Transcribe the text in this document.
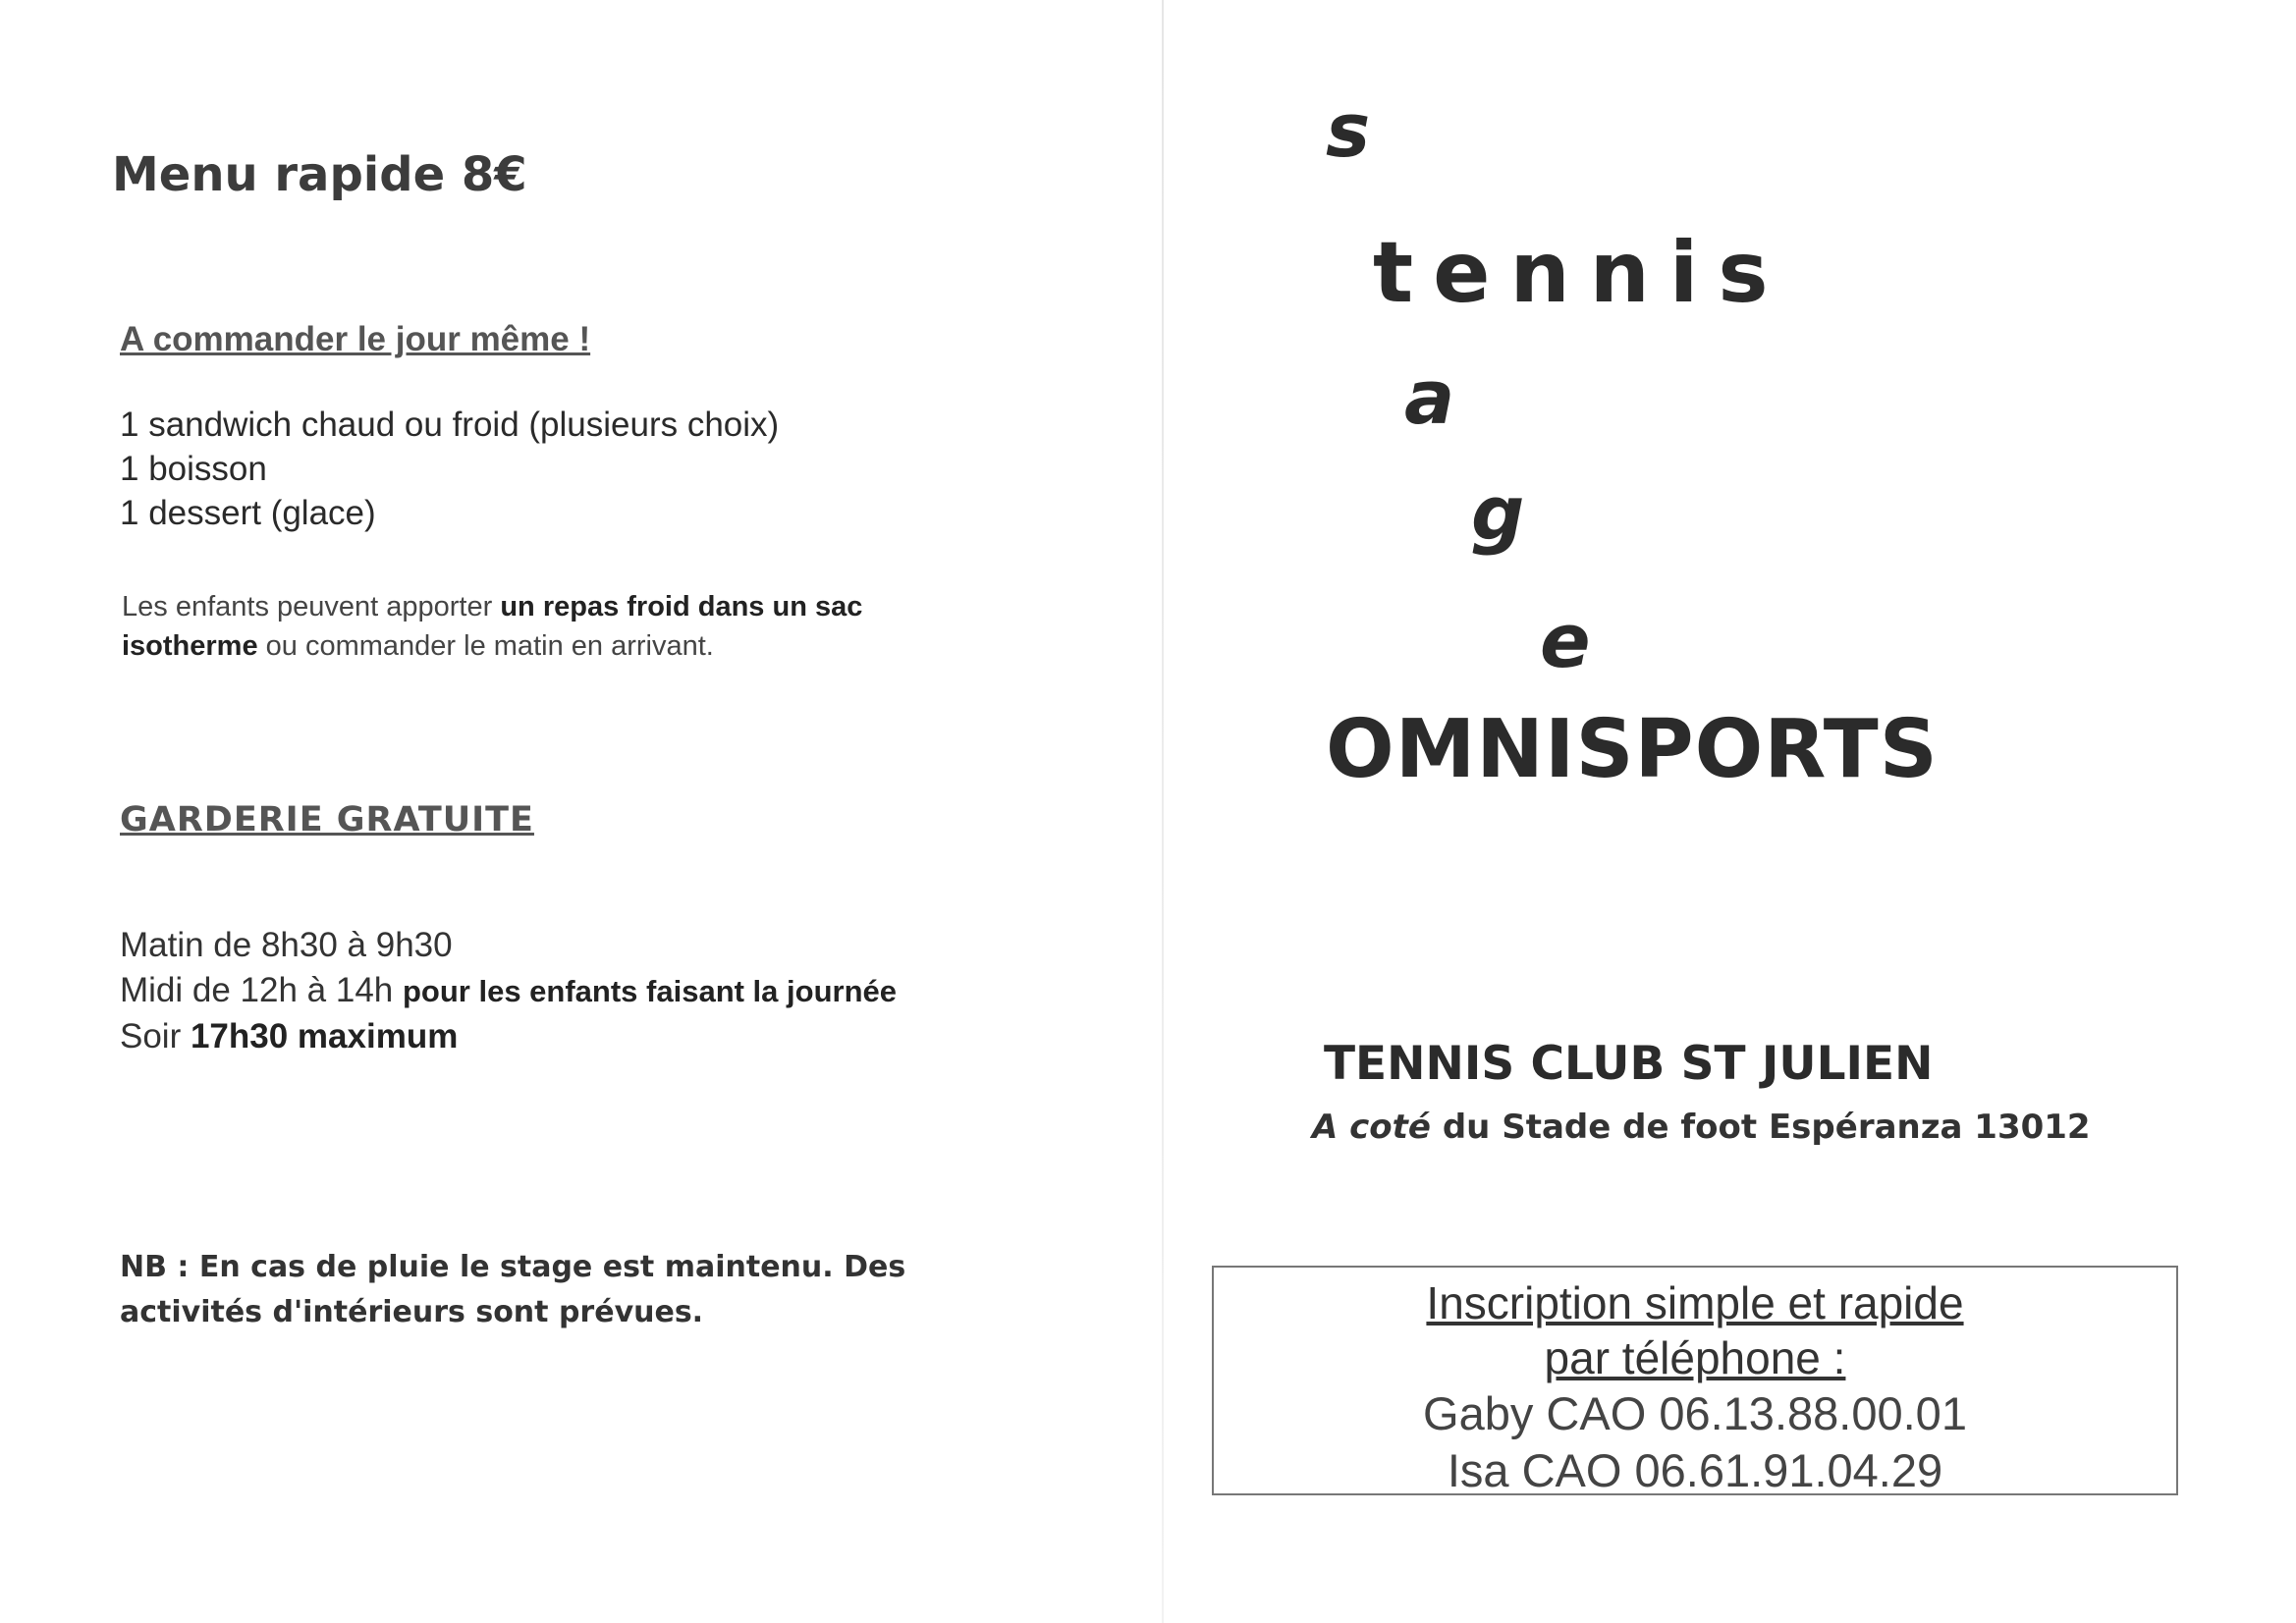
Menu rapide 8€
A commander le jour même !
1 sandwich chaud ou froid (plusieurs choix)
1 boisson
1 dessert (glace)
Les enfants peuvent apporter un repas froid dans un sac isotherme ou commander le matin en arrivant.
GARDERIE GRATUITE
Matin de 8h30 à 9h30
Midi de 12h à 14h pour les enfants faisant la journée
Soir 17h30 maximum
NB : En cas de pluie le stage est maintenu. Des activités d'intérieurs sont prévues.
s
tennis
a
g
e
OMNISPORTS
TENNIS CLUB ST JULIEN
A coté du Stade de foot Espéranza 13012
Inscription simple et rapide
par téléphone :
Gaby CAO 06.13.88.00.01
Isa CAO 06.61.91.04.29
